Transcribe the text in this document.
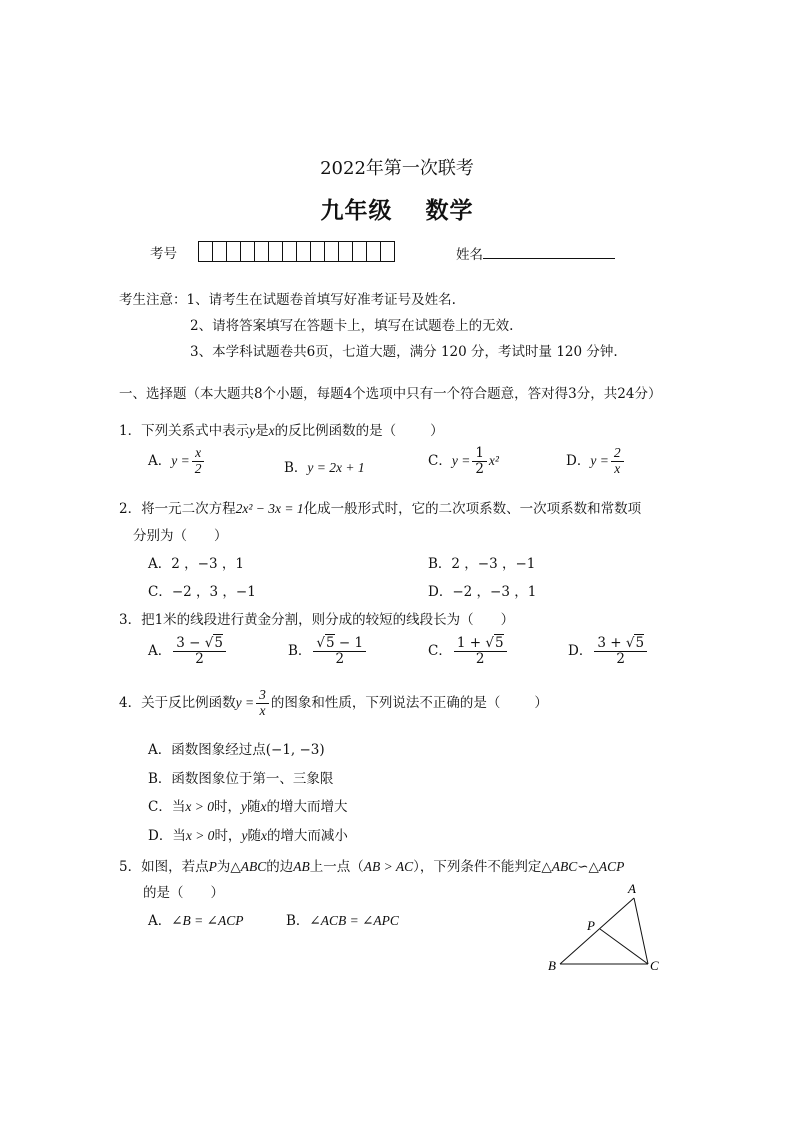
2022年第一次联考
九年级　 数学
考号	姓名
考生注意：1、请考生在试题卷首填写好准考证号及姓名.
2、请将答案填写在答题卡上，填写在试题卷上的无效.
3、本学科试题卷共6页，七道大题，满分 120 分，考试时量 120 分钟.
一、选择题（本大题共8个小题，每题4个选项中只有一个符合题意，答对得3分，共24分）
1．下列关系式中表示y是x的反比例函数的是（	）
A．$y = \frac{x}{2}$	B．y = 2x + 1	C．$y = \frac{1}{2} x^2$	D．$y = \frac{2}{x}$
2．将一元二次方程2x² − 3x = 1化成一般形式时，它的二次项系数、一次项系数和常数项
分别为（　　）
A．2 ，−3 ，1	B．2 ，−3 ，−1
C．−2 ，3 ，−1	D．−2 ，−3 ，1
3．把1米的线段进行黄金分割，则分成的较短的线段长为（　　）
A． $\frac{3 - √5}{2}$	B． $\frac{√5 - 1}{2}$	C． $\frac{1 + √5}{2}$	D． $\frac{3 + √5}{2}$
4．关于反比例函数$y = \frac{3}{x}$ 的图象和性质，下列说法不正确的是（	）
A．函数图象经过点(−1, −3)
B．函数图象位于第一、三象限
C．当x > 0时，y随x的增大而增大
D．当x > 0时，y随x的增大而减小
5．如图，若点P为△ABC的边AB上一点（AB > AC），下列条件不能判定△ABC∽△ACP
的是（　　）
A．∠B = ∠ACP	B．∠ACB = ∠APC
A
B	C
P
